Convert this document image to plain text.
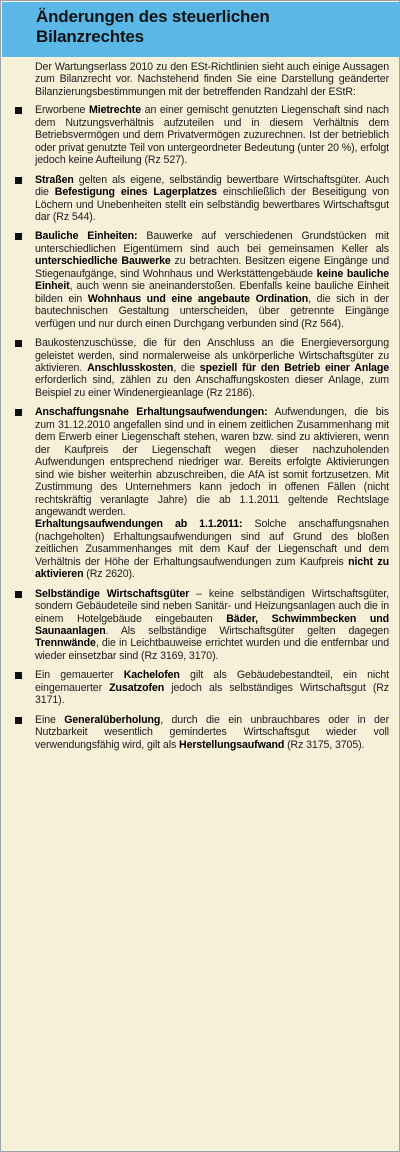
Änderungen des steuerlichen Bilanzrechtes

Der Wartungserlass 2010 zu den ESt-Richtlinien sieht auch einige Aussagen zum Bilanzrecht vor. Nachstehend finden Sie eine Darstellung geänderter Bilanzierungsbestimmungen mit der betreffenden Randzahl der EStR:

Erworbene Mietrechte an einer gemischt genutzten Liegenschaft sind nach dem Nutzungsverhältnis aufzuteilen und in diesem Verhältnis dem Betriebsvermögen und dem Privatvermögen zuzurechnen. Ist der betrieblich oder privat genutzte Teil von untergeordneter Bedeutung (unter 20 %), erfolgt jedoch keine Aufteilung (Rz 527).

Straßen gelten als eigene, selbständig bewertbare Wirtschaftsgüter. Auch die Befestigung eines Lagerplatzes einschließlich der Beseitigung von Löchern und Unebenheiten stellt ein selbständig bewertbares Wirtschaftsgut dar (Rz 544).

Bauliche Einheiten: Bauwerke auf verschiedenen Grundstücken mit unterschiedlichen Eigentümern sind auch bei gemeinsamen Keller als unterschiedliche Bauwerke zu betrachten. Besitzen eigene Eingänge und Stiegenaufgänge, sind Wohnhaus und Werkstättengebäude keine bauliche Einheit, auch wenn sie aneinanderstoßen. Ebenfalls keine bauliche Einheit bilden ein Wohnhaus und eine angebaute Ordination, die sich in der bautechnischen Gestaltung unterscheiden, über getrennte Eingänge verfügen und nur durch einen Durchgang verbunden sind (Rz 564).

Baukostenzuschüsse, die für den Anschluss an die Energieversorgung geleistet werden, sind normalerweise als unkörperliche Wirtschaftsgüter zu aktivieren. Anschlusskosten, die speziell für den Betrieb einer Anlage erforderlich sind, zählen zu den Anschaffungskosten dieser Anlage, zum Beispiel zu einer Windenergieanlage (Rz 2186).

Anschaffungsnahe Erhaltungsaufwendungen: Aufwendungen, die bis zum 31.12.2010 angefallen sind und in einem zeitlichen Zusammenhang mit dem Erwerb einer Liegenschaft stehen, waren bzw. sind zu aktivieren, wenn der Kaufpreis der Liegenschaft wegen dieser nachzuholenden Aufwendungen entsprechend niedriger war. Bereits erfolgte Aktivierungen sind wie bisher weiterhin abzuschreiben, die AfA ist somit fortzusetzen. Mit Zustimmung des Unternehmers kann jedoch in offenen Fällen (nicht rechtskräftig veranlagte Jahre) die ab 1.1.2011 geltende Rechtslage angewandt werden.

Erhaltungsaufwendungen ab 1.1.2011: Solche anschaffungsnahen (nachgeholten) Erhaltungsaufwendungen sind auf Grund des bloßen zeitlichen Zusammenhanges mit dem Kauf der Liegenschaft und dem Verhältnis der Höhe der Erhaltungsaufwendungen zum Kaufpreis nicht zu aktivieren (Rz 2620).

Selbständige Wirtschaftsgüter – keine selbständigen Wirtschaftsgüter, sondern Gebäudeteile sind neben Sanitär- und Heizungsanlagen auch die in einem Hotelgebäude eingebauten Bäder, Schwimmbecken und Saunaanlagen. Als selbständige Wirtschaftsgüter gelten dagegen Trennwände, die in Leichtbauweise errichtet wurden und die entfernbar und wieder einsetzbar sind (Rz 3169, 3170).

Ein gemauerter Kachelofen gilt als Gebäudebestandteil, ein nicht eingemauerter Zusatzofen jedoch als selbständiges Wirtschaftsgut (Rz 3171).

Eine Generalüberholung, durch die ein unbrauchbares oder in der Nutzbarkeit wesentlich gemindertes Wirtschaftsgut wieder voll verwendungsfähig wird, gilt als Herstellungsaufwand (Rz 3175, 3705).
